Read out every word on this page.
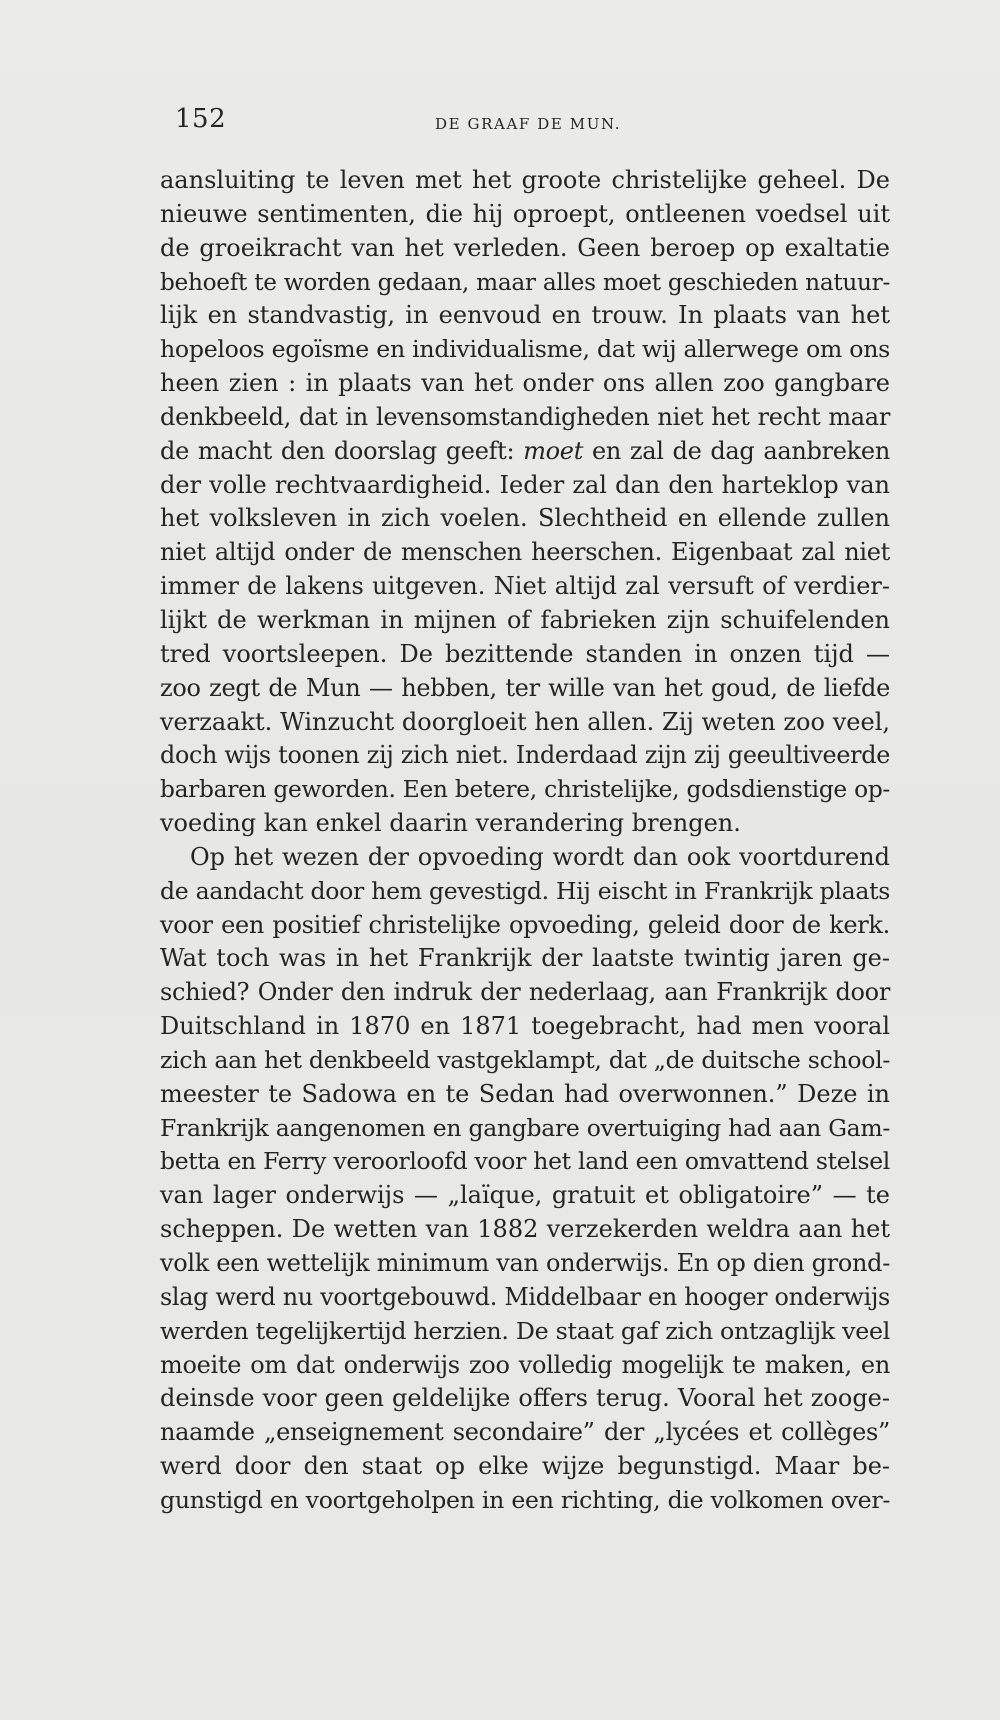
152	DE GRAAF DE MUN.
aansluiting te leven met het groote christelijke geheel. De
nieuwe sentimenten, die hij oproept, ontleenen voedsel uit
de groeikracht van het verleden. Geen beroep op exaltatie
behoeft te worden gedaan, maar alles moet geschieden natuur-
lijk en standvastig, in eenvoud en trouw. In plaats van het
hopeloos egoïsme en individualisme, dat wij allerwege om ons
heen zien : in plaats van het onder ons allen zoo gangbare
denkbeeld, dat in levensomstandigheden niet het recht maar
de macht den doorslag geeft: moet en zal de dag aanbreken
der volle rechtvaardigheid. Ieder zal dan den harteklop van
het volksleven in zich voelen. Slechtheid en ellende zullen
niet altijd onder de menschen heerschen. Eigenbaat zal niet
immer de lakens uitgeven. Niet altijd zal versuft of verdier-
lijkt de werkman in mijnen of fabrieken zijn schuifelenden
tred voortsleepen. De bezittende standen in onzen tijd —
zoo zegt de Mun — hebben, ter wille van het goud, de liefde
verzaakt. Winzucht doorgloeit hen allen. Zij weten zoo veel,
doch wijs toonen zij zich niet. Inderdaad zijn zij geeultiveerde
barbaren geworden. Een betere, christelijke, godsdienstige op-
voeding kan enkel daarin verandering brengen.
Op het wezen der opvoeding wordt dan ook voortdurend
de aandacht door hem gevestigd. Hij eischt in Frankrijk plaats
voor een positief christelijke opvoeding, geleid door de kerk.
Wat toch was in het Frankrijk der laatste twintig jaren ge-
schied? Onder den indruk der nederlaag, aan Frankrijk door
Duitschland in 1870 en 1871 toegebracht, had men vooral
zich aan het denkbeeld vastgeklampt, dat „de duitsche school-
meester te Sadowa en te Sedan had overwonnen.” Deze in
Frankrijk aangenomen en gangbare overtuiging had aan Gam-
betta en Ferry veroorloofd voor het land een omvattend stelsel
van lager onderwijs — „laïque, gratuit et obligatoire” — te
scheppen. De wetten van 1882 verzekerden weldra aan het
volk een wettelijk minimum van onderwijs. En op dien grond-
slag werd nu voortgebouwd. Middelbaar en hooger onderwijs
werden tegelijkertijd herzien. De staat gaf zich ontzaglijk veel
moeite om dat onderwijs zoo volledig mogelijk te maken, en
deinsde voor geen geldelijke offers terug. Vooral het zooge-
naamde „enseignement secondaire” der „lycées et collèges”
werd door den staat op elke wijze begunstigd. Maar be-
gunstigd en voortgeholpen in een richting, die volkomen over-
